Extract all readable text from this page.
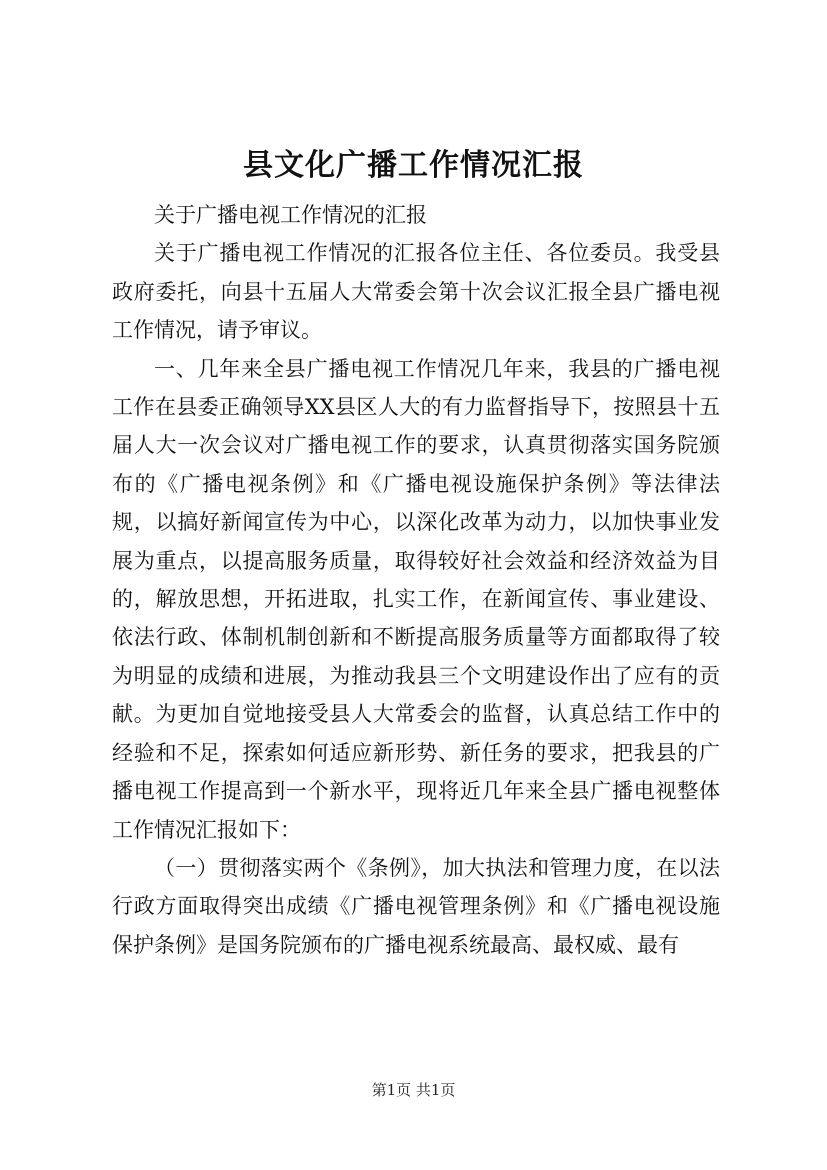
县文化广播工作情况汇报

关于广播电视工作情况的汇报

关于广播电视工作情况的汇报各位主任、各位委员。我受县政府委托，向县十五届人大常委会第十次会议汇报全县广播电视工作情况，请予审议。

一、几年来全县广播电视工作情况几年来，我县的广播电视工作在县委正确领导XX县区人大的有力监督指导下，按照县十五届人大一次会议对广播电视工作的要求，认真贯彻落实国务院颁布的《广播电视条例》和《广播电视设施保护条例》等法律法规，以搞好新闻宣传为中心，以深化改革为动力，以加快事业发展为重点，以提高服务质量，取得较好社会效益和经济效益为目的，解放思想，开拓进取，扎实工作，在新闻宣传、事业建设、依法行政、体制机制创新和不断提高服务质量等方面都取得了较为明显的成绩和进展，为推动我县三个文明建设作出了应有的贡献。为更加自觉地接受县人大常委会的监督，认真总结工作中的经验和不足，探索如何适应新形势、新任务的要求，把我县的广播电视工作提高到一个新水平，现将近几年来全县广播电视整体工作情况汇报如下：

（一）贯彻落实两个《条例》，加大执法和管理力度，在以法行政方面取得突出成绩《广播电视管理条例》和《广播电视设施保护条例》是国务院颁布的广播电视系统最高、最权威、最有

第1页 共1页
